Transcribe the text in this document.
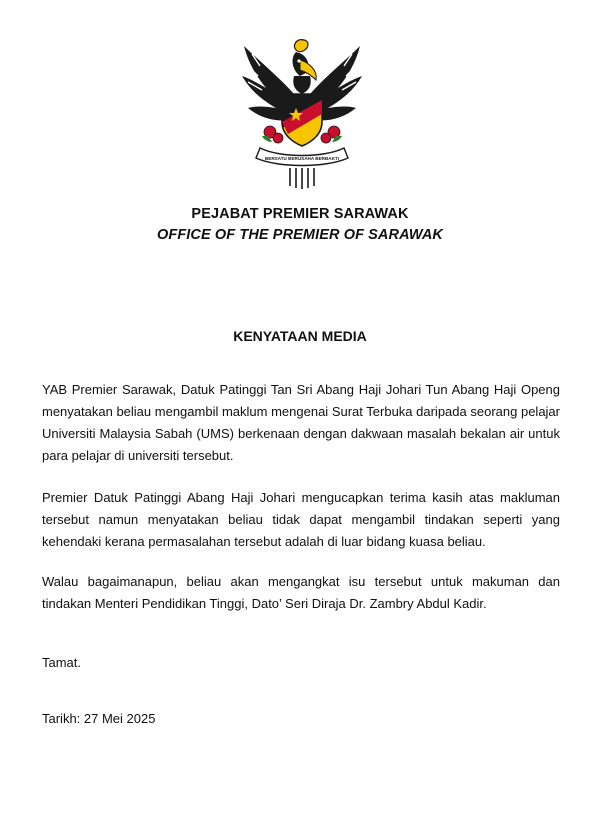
BERSATU BERUSAHA BERBAKTI
PEJABAT PREMIER SARAWAK
OFFICE OF THE PREMIER OF SARAWAK
KENYATAAN MEDIA
YAB Premier Sarawak, Datuk Patinggi Tan Sri Abang Haji Johari Tun Abang Haji Openg menyatakan beliau mengambil maklum mengenai Surat Terbuka daripada seorang pelajar Universiti Malaysia Sabah (UMS) berkenaan dengan dakwaan masalah bekalan air untuk para pelajar di universiti tersebut.
Premier Datuk Patinggi Abang Haji Johari mengucapkan terima kasih atas makluman tersebut namun menyatakan beliau tidak dapat mengambil tindakan seperti yang kehendaki kerana permasalahan tersebut adalah di luar bidang kuasa beliau.
Walau bagaimanapun, beliau akan mengangkat isu tersebut untuk makuman dan tindakan Menteri Pendidikan Tinggi, Dato’ Seri Diraja Dr. Zambry Abdul Kadir.
Tamat.
Tarikh: 27 Mei 2025
